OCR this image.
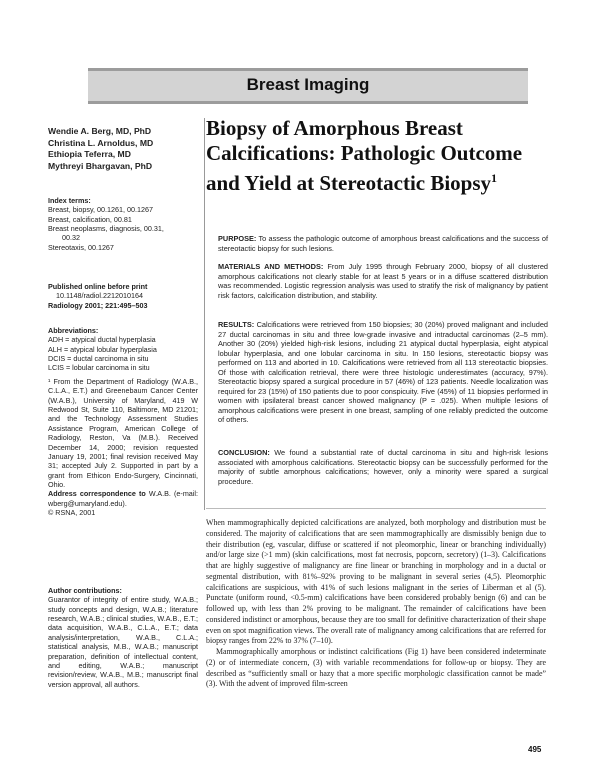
Breast Imaging

Wendie A. Berg, MD, PhD

Christina L. Arnoldus, MD

Ethiopia Teferra, MD

Mythreyi Bhargavan, PhD

Index terms:

Breast, biopsy, 00.1261, 00.1267

Breast, calcification, 00.81

Breast neoplasms, diagnosis, 00.31,

00.32

Stereotaxis, 00.1267

Published online before print

10.1148/radiol.2212010164

Radiology 2001; 221:495–503

Abbreviations:

ADH = atypical ductal hyperplasia

ALH = atypical lobular hyperplasia

DCIS = ductal carcinoma in situ

LCIS = lobular carcinoma in situ

¹ From the Department of Radiology (W.A.B., C.L.A., E.T.) and Greenebaum Cancer Center (W.A.B.), University of Maryland, 419 W Redwood St, Suite 110, Baltimore, MD 21201; and the Technology Assessment Studies Assistance Program, American College of Radiology, Reston, Va (M.B.). Received December 14, 2000; revision requested January 19, 2001; final revision received May 31; accepted July 2. Supported in part by a grant from Ethicon Endo-Surgery, Cincinnati, Ohio.

Address correspondence to W.A.B. (e-mail: wberg@umaryland.edu).

© RSNA, 2001

Author contributions:

Guarantor of integrity of entire study, W.A.B.; study concepts and design, W.A.B.; literature research, W.A.B.; clinical studies, W.A.B., E.T.; data acquisition, W.A.B., C.L.A., E.T.; data analysis/interpretation, W.A.B., C.L.A.; statistical analysis, M.B., W.A.B.; manuscript preparation, definition of intellectual content, and editing, W.A.B.; manuscript revision/review, W.A.B., M.B.; manuscript final version approval, all authors.

Biopsy of Amorphous Breast Calcifications: Pathologic Outcome and Yield at Stereotactic Biopsy$^1$
PURPOSE: To assess the pathologic outcome of amorphous breast calcifications and the success of stereotactic biopsy for such lesions.
MATERIALS AND METHODS: From July 1995 through February 2000, biopsy of all clustered amorphous calcifications not clearly stable for at least 5 years or in a diffuse scattered distribution was recommended. Logistic regression analysis was used to stratify the risk of malignancy by patient risk factors, calcification distribution, and stability.
RESULTS: Calcifications were retrieved from 150 biopsies; 30 (20%) proved malignant and included 27 ductal carcinomas in situ and three low-grade invasive and intraductal carcinomas (2–5 mm). Another 30 (20%) yielded high-risk lesions, including 21 atypical ductal hyperplasia, eight atypical lobular hyperplasia, and one lobular carcinoma in situ. In 150 lesions, stereotactic biopsy was performed on 113 and aborted in 10. Calcifications were retrieved from all 113 stereotactic biopsies. Of those with calcification retrieval, there were three histologic underestimates (accuracy, 97%). Stereotactic biopsy spared a surgical procedure in 57 (46%) of 123 patients. Needle localization was required for 23 (15%) of 150 patients due to poor conspicuity. Five (45%) of 11 biopsies performed in women with ipsilateral breast cancer showed malignancy (P = .025). When multiple lesions of amorphous calcifications were present in one breast, sampling of one reliably predicted the outcome of others.
CONCLUSION: We found a substantial rate of ductal carcinoma in situ and high-risk lesions associated with amorphous calcifications. Stereotactic biopsy can be successfully performed for the majority of subtle amorphous calcifications; however, only a minority were spared a surgical procedure.

When mammographically depicted calcifications are analyzed, both morphology and distribution must be considered. The majority of calcifications that are seen mammographically are dismissibly benign due to their distribution (eg, vascular, diffuse or scattered if not pleomorphic, linear or branching individually) and/or large size (>1 mm) (skin calcifications, most fat necrosis, popcorn, secretory) (1–3). Calcifications that are highly suggestive of malignancy are fine linear or branching in morphology and in a ductal or segmental distribution, with 81%–92% proving to be malignant in several series (4,5). Pleomorphic calcifications are suspicious, with 41% of such lesions malignant in the series of Liberman et al (5). Punctate (uniform round, <0.5-mm) calcifications have been considered probably benign (6) and can be followed up, with less than 2% proving to be malignant. The remainder of calcifications have been considered indistinct or amorphous, because they are too small for definitive characterization of their shape even on spot magnification views. The overall rate of malignancy among calcifications that are referred for biopsy ranges from 22% to 37% (7–10).

Mammographically amorphous or indistinct calcifications (Fig 1) have been considered indeterminate (2) or of intermediate concern, (3) with variable recommendations for follow-up or biopsy. They are described as “sufficiently small or hazy that a more specific morphologic classification cannot be made” (3). With the advent of improved film-screen

495
